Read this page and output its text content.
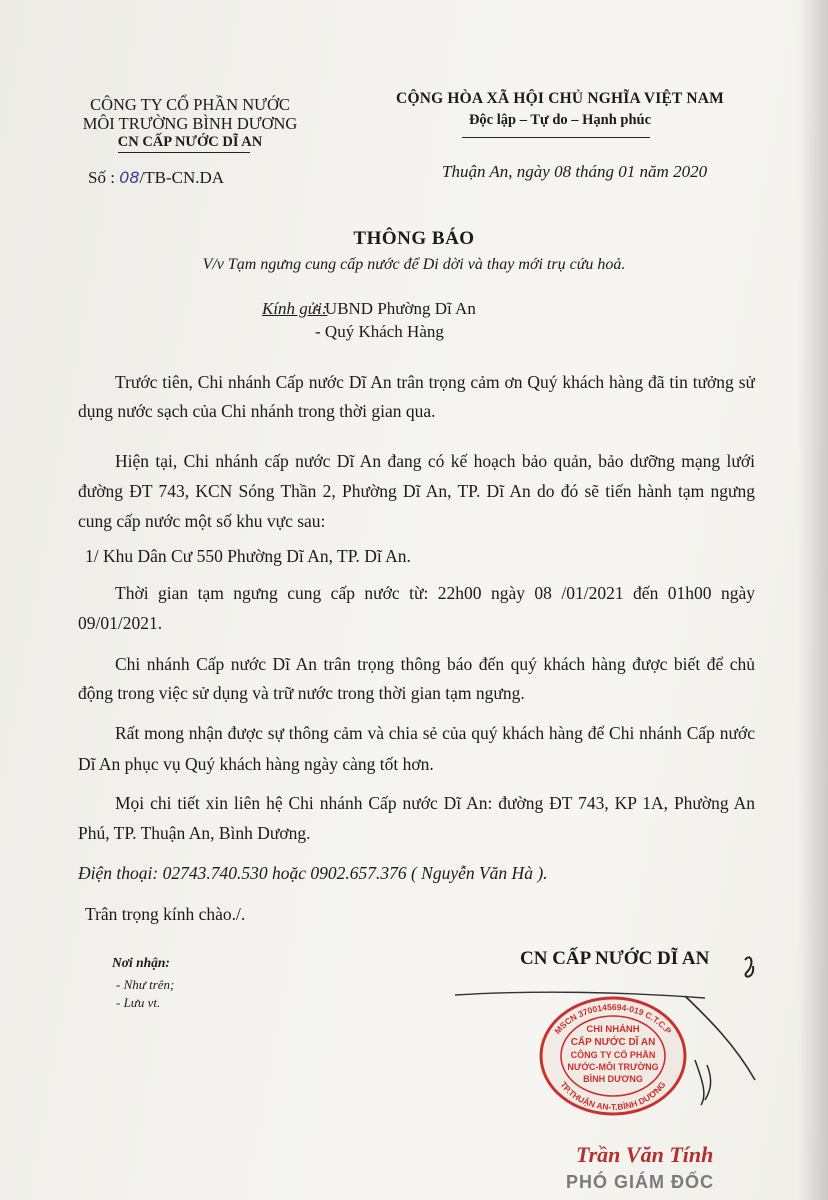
CÔNG TY CỔ PHẦN NƯỚC
MÔI TRƯỜNG BÌNH DƯƠNG
CN CẤP NƯỚC DĨ AN
CỘNG HÒA XÃ HỘI CHỦ NGHĨA VIỆT NAM
Độc lập – Tự do – Hạnh phúc
Số : 08/TB-CN.DA	Thuận An, ngày 08 tháng 01 năm 2020
THÔNG BÁO
V/v Tạm ngưng cung cấp nước để Di dời và thay mới trụ cứu hoả.
Kính gửi:
- UBND Phường Dĩ An
- Quý Khách Hàng
Trước tiên, Chi nhánh Cấp nước Dĩ An trân trọng cảm ơn Quý khách hàng đã tin tưởng sử
dụng nước sạch của Chi nhánh trong thời gian qua.
Hiện tại, Chi nhánh cấp nước Dĩ An đang có kế hoạch bảo quản, bảo dưỡng mạng lưới
đường ĐT 743, KCN Sóng Thần 2, Phường Dĩ An, TP. Dĩ An do đó sẽ tiến hành tạm ngưng
cung cấp nước một số khu vực sau:
1/ Khu Dân Cư 550 Phường Dĩ An, TP. Dĩ An.
Thời gian tạm ngưng cung cấp nước từ: 22h00 ngày 08 /01/2021 đến 01h00 ngày
09/01/2021.
Chi nhánh Cấp nước Dĩ An trân trọng thông báo đến quý khách hàng được biết để chủ
động trong việc sử dụng và trữ nước trong thời gian tạm ngưng.
Rất mong nhận được sự thông cảm và chia sẻ của quý khách hàng để Chi nhánh Cấp nước
Dĩ An phục vụ Quý khách hàng ngày càng tốt hơn.
Mọi chi tiết xin liên hệ Chi nhánh Cấp nước Dĩ An: đường ĐT 743, KP 1A, Phường An
Phú, TP. Thuận An, Bình Dương.
Điện thoại: 02743.740.530 hoặc 0902.657.376 ( Nguyễn Văn Hà ).
Trân trọng kính chào./.
Nơi nhận:
- Như trên;
- Lưu vt.
CN CẤP NƯỚC DĨ AN
MSCN 3700145694-019 C.T.C.P
TP.THUẬN AN-T.BÌNH DƯƠNG
CHI NHÁNH
CẤP NƯỚC DĨ AN
CÔNG TY CỔ PHẦN
NƯỚC-MÔI TRƯỜNG
BÌNH DƯƠNG
Trần Văn Tính
PHÓ GIÁM ĐỐC
